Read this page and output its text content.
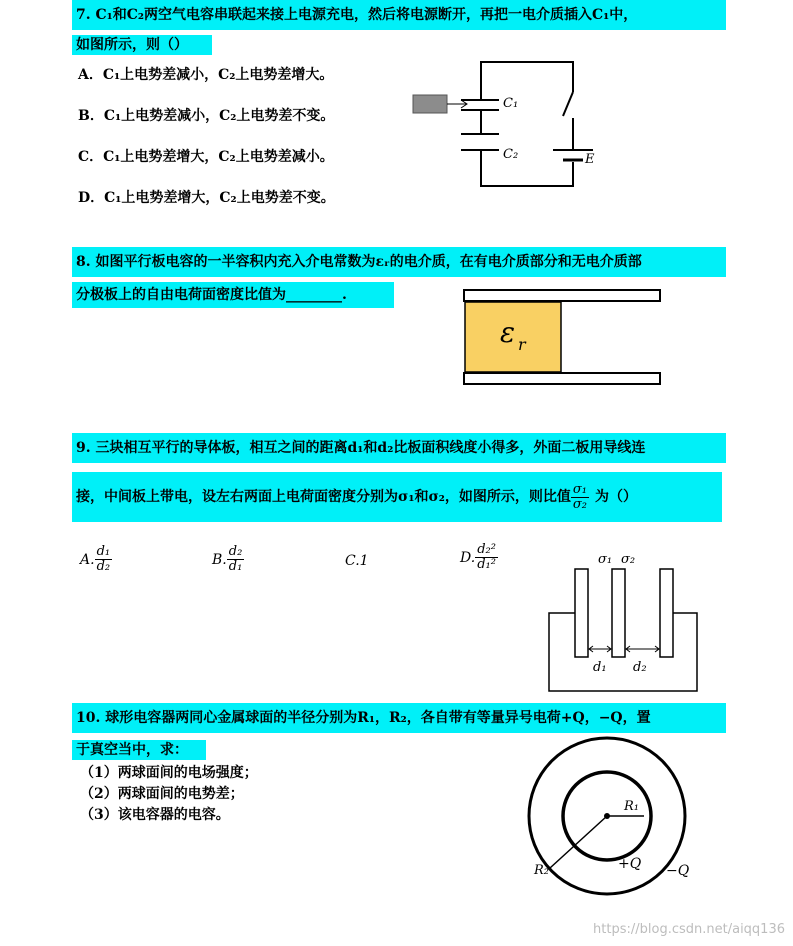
7. C₁和C₂两空气电容串联起来接上电源充电，然后将电源断开，再把一电介质插入C₁中，
如图所示，则（）
A．C₁上电势差减小，C₂上电势差增大。
B．C₁上电势差减小，C₂上电势差不变。
C．C₁上电势差增大，C₂上电势差减小。
D．C₁上电势差增大，C₂上电势差不变。
C₁
C₂	E
8. 如图平行板电容的一半容积内充入介电常数为εᵣ的电介质，在有电介质部分和无电介质部
分极板上的自由电荷面密度比值为________.
ε r
9. 三块相互平行的导体板，相互之间的距离d₁和d₂比板面积线度小得多，外面二板用导线连
接，中间板上带电，设左右两面上电荷面密度分别为σ₁和σ₂，如图所示，则比值 $\frac{\text{σ₁}}{\text{σ₂}}$ 为（）
A. $\frac{\text{d₁}}{\text{d₂}}$	B. $\frac{\text{d₂}}{\text{d₁}}$	C.1	D. $\frac{\text{d₂²}}{\text{d₁²}}$	σ₁ σ₂
d₁ d₂
10. 球形电容器两同心金属球面的半径分别为R₁，R₂，各自带有等量异号电荷+Q，−Q，置
于真空当中，求：
（1）两球面间的电场强度；
（2）两球面间的电势差；
（3）该电容器的电容。
R₁
R₂	+Q −Q
https://blog.csdn.net/aiqq136
